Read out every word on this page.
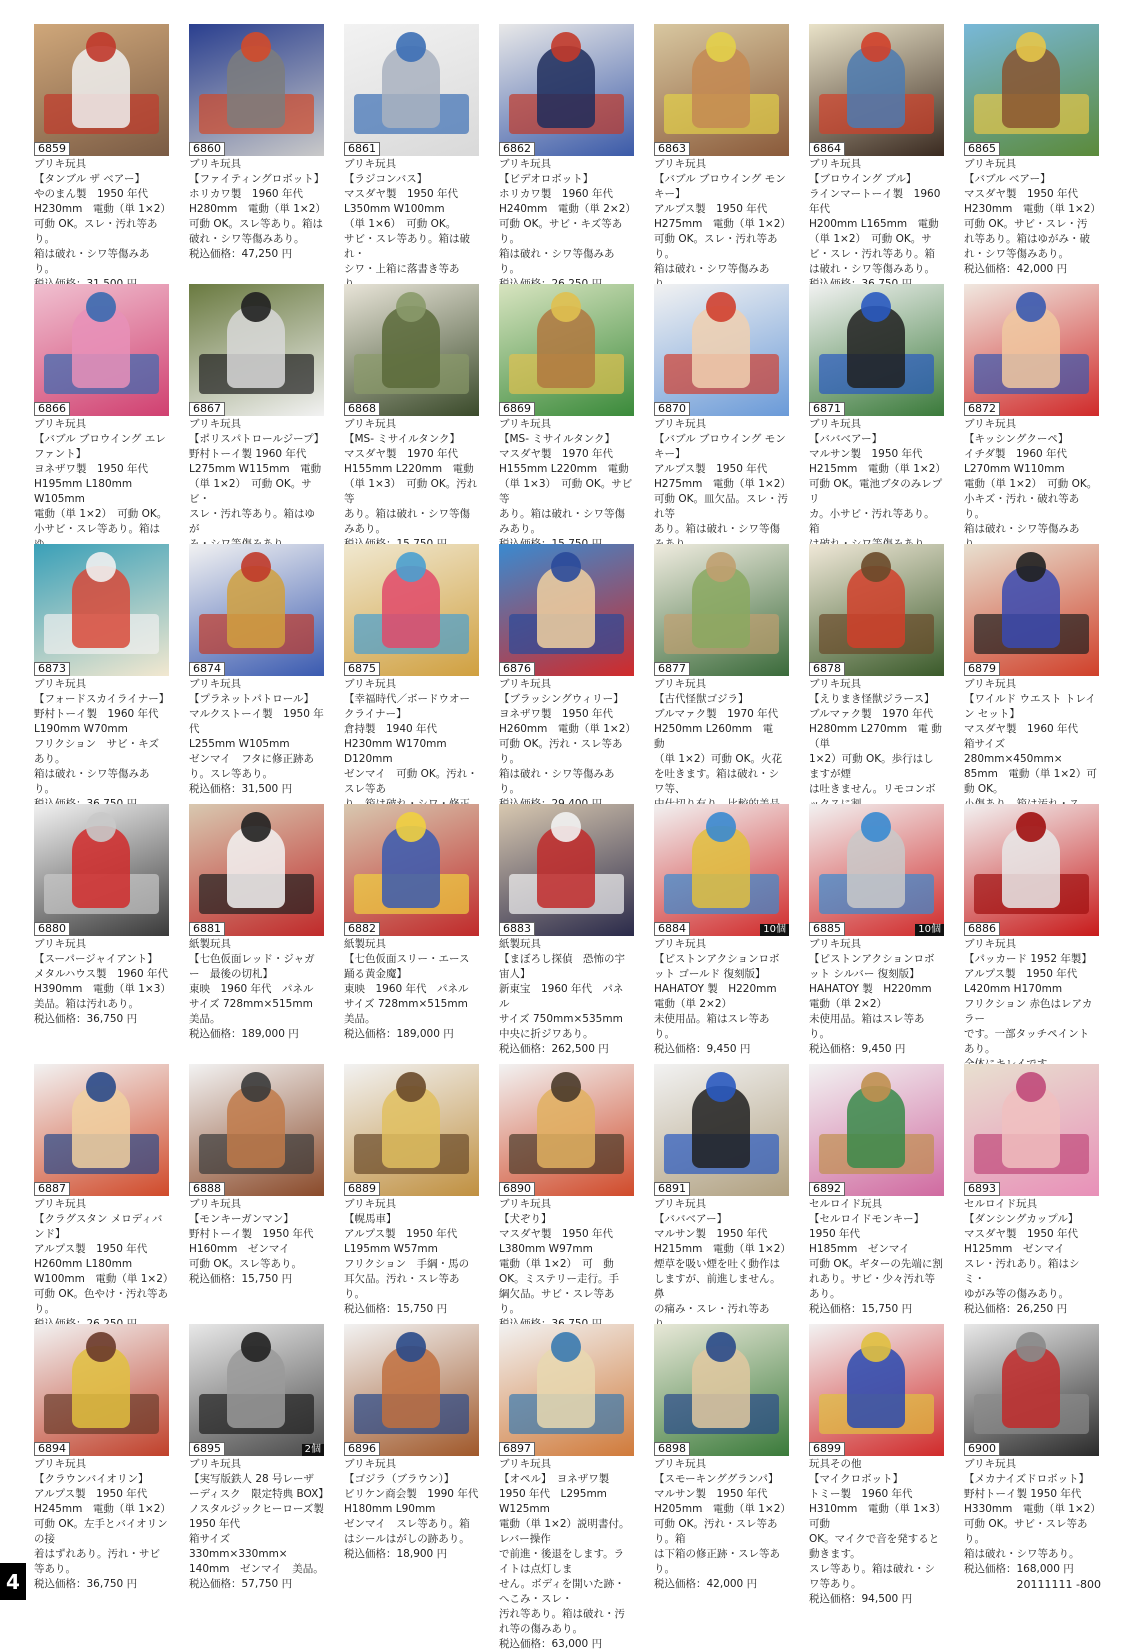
6859
ブリキ玩具
【タンブル ザ ベアー】
やのまん製　1950 年代
H230mm　電動（単 1×2）
可動 OK。スレ・汚れ等あり。
箱は破れ・シワ等傷みあり。
6860
ブリキ玩具
【ファイティングロボット】
ホリカワ製　1960 年代
H280mm　電動（単 1×2）
可動 OK。スレ等あり。箱は
破れ・シワ等傷みあり。
税込価格：47,250 円
6861
ブリキ玩具
【ラジコンバス】
マスダヤ製　1950 年代
L350mm W100mm
（単 1×6）　可動 OK。
サビ・スレ等あり。箱は破れ・
シワ・上箱に落書き等あ
6862
ブリキ玩具
【ビデオロボット】
ホリカワ製　1960 年代
H240mm　電動（単 2×2）
可動 OK。サビ・キズ等あり。
箱は破れ・シワ等傷みあり。
6863
ブリキ玩具
【バブル ブロウイング モンキー】
アルプス製　1950 年代
H275mm　電動（単 1×2）
可動 OK。スレ・汚れ等あり。
箱は破れ・シワ等傷みあ
6864
ブリキ玩具
【ブロウイング ブル】
ラインマートーイ製　1960 年代
H200mm L165mm　電動
（単 1×2）　可動 OK。サ
ビ・スレ・汚れ等あり。箱
は破れ・シワ等傷みあり。
6865
ブリキ玩具
【バブル ベアー】
マスダヤ製　1950 年代
H230mm　電動（単 1×2）
可動 OK。サビ・スレ・汚
れ等あり。箱はゆがみ・破
れ・シワ等傷みあり。
税込価格：42,000 円
6866
ブリキ玩具
【バブル ブロウイング エレファント】
ヨネザワ製　1950 年代
H195mm L180mm W105mm
電動（単 1×2）　可動 OK。
小サビ・スレ等あり。箱は
6867
ブリキ玩具
【ポリスパトロールジープ】
野村トーイ製 1960 年代
L275mm W115mm　電動
（単 1×2）　可動 OK。サビ・
スレ・汚れ等あり。箱はゆが
6868
ブリキ玩具
【MS- ミサイルタンク】
マスダヤ製　1970 年代
H155mm L220mm　電動
（単 1×3）　可動 OK。汚れ等
あり。箱は破れ・シワ等傷みあり。
6869
ブリキ玩具
【MS- ミサイルタンク】
マスダヤ製　1970 年代
H155mm L220mm　電動
（単 1×3）　可動 OK。サビ等
あり。箱は破れ・シワ等傷みあり。
6870
ブリキ玩具
【バブル ブロウイング モンキー】
アルプス製　1950 年代
H275mm　電動（単 1×2）
可動 OK。皿欠品。スレ・汚れ等
あり。箱は破れ・シワ等傷
6871
ブリキ玩具
【ババベアー】
マルサン製　1950 年代
H215mm　電動（単 1×2）
可動 OK。電池ブタのみレプリ
カ。小サビ・汚れ等あり。箱
6872
ブリキ玩具
【キッシングクーペ】
イチダ製　1960 年代
L270mm W110mm
電動（単 1×2）　可動 OK。
小キズ・汚れ・破れ等あり。
箱は破れ・シワ等傷みあ
6873
ブリキ玩具
【フォードスカイライナー】
野村トーイ製　1960 年代
L190mm W70mm
フリクション　サビ・キズあり。
箱は破れ・シワ等傷みあり。
6874
ブリキ玩具
【プラネットパトロール】
マルクストーイ製　1950 年代
L255mm W105mm
ゼンマイ　フタに修正跡あ
り。スレ等あり。
税込価格：31,500 円
6875
ブリキ玩具
【幸福時代／ボードウオークライナー】
倉持製　1940 年代
H230mm W170mm D120mm
ゼンマイ　可動 OK。汚れ・スレ等あ
6876
ブリキ玩具
【ブラッシングウィリー】
ヨネザワ製　1950 年代
H260mm　電動（単 1×2）
可動 OK。汚れ・スレ等あり。
箱は破れ・シワ等傷みあり。
6877
ブリキ玩具
【古代怪獣ゴジラ】
ブルマァク製　1970 年代
H250mm L260mm　電　動
（単 1×2）可動 OK。火花
を吐きます。箱は破れ・シワ等、
6878
ブリキ玩具
【えりまき怪獣ジラース】
ブルマァク製　1970 年代
H280mm L270mm　電 動（単
1×2）可動 OK。歩行はしますが煙
は吐きません。リモコンボ
6879
ブリキ玩具
【ワイルド ウエスト トレイン セット】
マスダヤ製　1960 年代
箱サイズ 280mm×450mm×
85mm　電動（単 1×2）可動 OK。
6880
ブリキ玩具
【スーパージャイアント】
メタルハウス製　1960 年代
H390mm　電動（単 1×3）
美品。箱は汚れあり。
税込価格：36,750 円
6881
紙製玩具
【七色仮面レッド・ジャガー　最後の切札】
東映　1960 年代　パネル
サイズ 728mm×515mm
美品。
税込価格：189,000 円
6882
紙製玩具
【七色仮面スリー・エース　踊る黄金魔】
東映　1960 年代　パネル
サイズ 728mm×515mm
美品。
税込価格：189,000 円
6883
紙製玩具
【まぼろし探偵　恐怖の宇宙人】
新東宝　1960 年代　パネル
サイズ 750mm×535mm
中央に折ジワあり。
税込価格：262,500 円
6884	10個
ブリキ玩具
【ピストンアクションロボット ゴールド 復刻版】
HAHATOY 製　H220mm
電動（単 2×2）
未使用品。箱はスレ等あり。
税込価格：9,450 円
6885	10個
ブリキ玩具
【ピストンアクションロボット シルバー 復刻版】
HAHATOY 製　H220mm
電動（単 2×2）
未使用品。箱はスレ等あり。
税込価格：9,450 円
6886
ブリキ玩具
【パッカード 1952 年製】
アルプス製　1950 年代
L420mm H170mm
フリクション 赤色はレアカラー
です。一部タッチペイントあり。
6887
ブリキ玩具
【クラグスタン メロディバンド】
アルプス製　1950 年代
H260mm L180mm
W100mm　電動（単 1×2）
可動 OK。色やけ・汚れ等あり。
6888
ブリキ玩具
【モンキーガンマン】
野村トーイ製　1950 年代
H160mm　ゼンマイ
可動 OK。スレ等あり。
税込価格：15,750 円
6889
ブリキ玩具
【幌馬車】
アルプス製　1950 年代
L195mm W57mm
フリクション　手綱・馬の
耳欠品。汚れ・スレ等あり。
税込価格：15,750 円
6890
ブリキ玩具
【犬ぞり】
マスダヤ製　1950 年代
L380mm W97mm
電動（単 1×2）　可　動
OK。ミステリー走行。手
綱欠品。サビ・スレ等あり。
6891
ブリキ玩具
【ババベアー】
マルサン製　1950 年代
H215mm　電動（単 1×2）
煙草を吸い煙を吐く動作は
しますが、前進しません。鼻
の痛み・スレ・汚れ等あ
6892
セルロイド玩具
【セルロイドモンキー】
1950 年代
H185mm　ゼンマイ
可動 OK。ギターの先端に割
れあり。サビ・少々汚れ等あり。
税込価格：15,750 円
6893
セルロイド玩具
【ダンシングカップル】
マスダヤ製　1950 年代
H125mm　ゼンマイ
スレ・汚れあり。箱はシミ・
ゆがみ等の傷みあり。
税込価格：26,250 円
6894
ブリキ玩具
【クラウンバイオリン】
アルプス製　1950 年代
H245mm　電動（単 1×2）
可動 OK。左手とバイオリンの接
着はずれあり。汚れ・サビ等あり。
税込価格：36,750 円
6895	2個
ブリキ玩具
【実写版鉄人 28 号レーザーディスク　限定特典 BOX】
ノスタルジックヒーローズ製　1950 年代
箱サイズ 330mm×330mm×
140mm　ゼンマイ　美品。
税込価格：57,750 円
6896
ブリキ玩具
【ゴジラ（ブラウン）】
ビリケン商会製　1990 年代
H180mm L90mm
ゼンマイ　スレ等あり。箱
はシールはがしの跡あり。
税込価格：18,900 円
6897
ブリキ玩具
【オペル】　ヨネザワ製
1950 年代　L295mm W125mm
電動（単 1×2）説明書付。レバー操作
で前進・後退をします。ライトは点灯しま
せん。ボディを開いた跡・へこみ・スレ・
汚れ等あり。箱は破れ・汚れ等の傷みあり。
税込価格：63,000 円
6898
ブリキ玩具
【スモーキンググランパ】
マルサン製　1950 年代
H205mm　電動（単 1×2）
可動 OK。汚れ・スレ等あり。箱
は下箱の修正跡・スレ等あり。
税込価格：42,000 円
6899
玩具その他
【マイクロボット】
トミー製　1960 年代
H310mm　電動（単 1×3）可動
OK。マイクで音を発すると動きます。
スレ等あり。箱は破れ・シワ等あり。
税込価格：94,500 円
6900
ブリキ玩具
【メカナイズドロボット】
野村トーイ製 1950 年代
H330mm　電動（単 1×2）
可動 OK。サビ・スレ等あり。
箱は破れ・シワ等あり。
税込価格：168,000 円
4	20111111 -800
